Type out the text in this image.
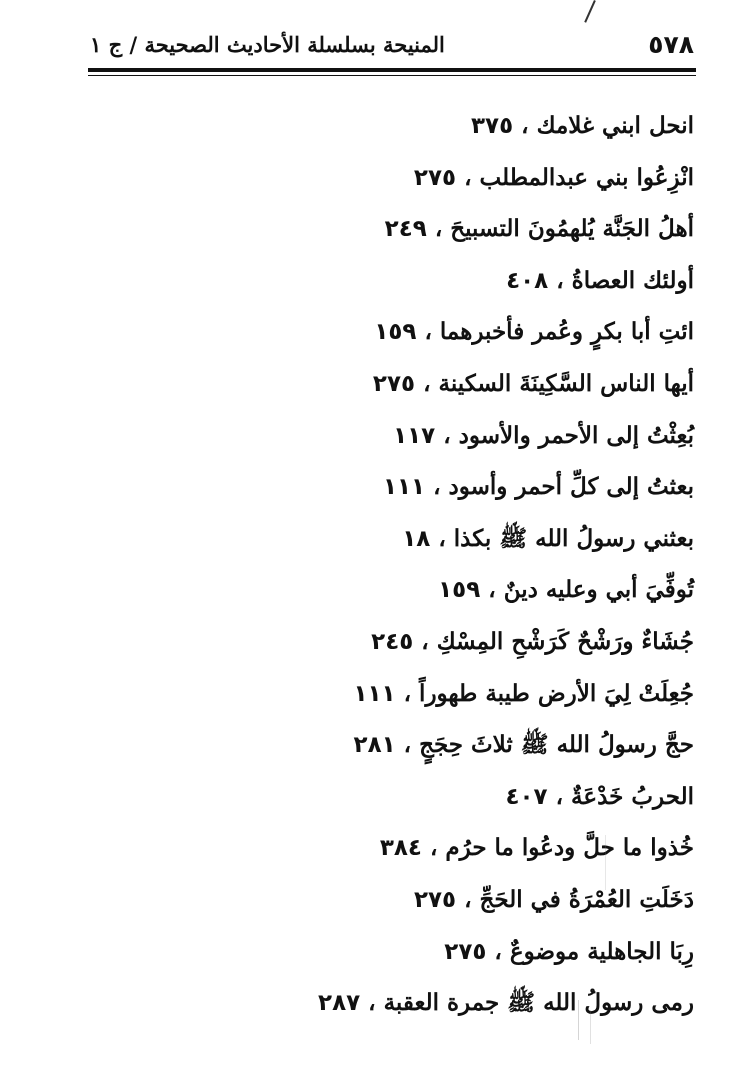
٥٧٨
المنيحة بسلسلة الأحاديث الصحيحة / ج ١
انحل ابني غلامك ، ٣٧٥
انْزِعُوا بني عبدالمطلب ، ٢٧٥
أهلُ الجَنَّة يُلهمُونَ التسبيحَ ، ٢٤٩
أولئك العصاةُ ، ٤٠٨
ائتِ أبا بكرٍ وعُمر فأخبرهما ، ١٥٩
أيها الناس السَّكِينَةَ السكينة ، ٢٧٥
بُعِثْتُ إلى الأحمر والأسود ، ١١٧
بعثتُ إلى كلِّ أحمر وأسود ، ١١١
بعثني رسولُ الله ﷺ بكذا ، ١٨
تُوفِّيَ أبي وعليه دينٌ ، ١٥٩
جُشَاءٌ ورَشْحٌ كَرَشْحِ المِسْكِ ، ٢٤٥
جُعِلَتْ لِيَ الأرض طيبة طهوراً ، ١١١
حجَّ رسولُ الله ﷺ ثلاثَ حِجَجٍ ، ٢٨١
الحربُ خَدْعَةٌ ، ٤٠٧
خُذوا ما حلَّ ودعُوا ما حرُم ، ٣٨٤
دَخَلَتِ العُمْرَةُ في الحَجِّ ، ٢٧٥
رِبَا الجاهلية موضوعٌ ، ٢٧٥
رمى رسولُ الله ﷺ جمرة العقبة ، ٢٨٧
